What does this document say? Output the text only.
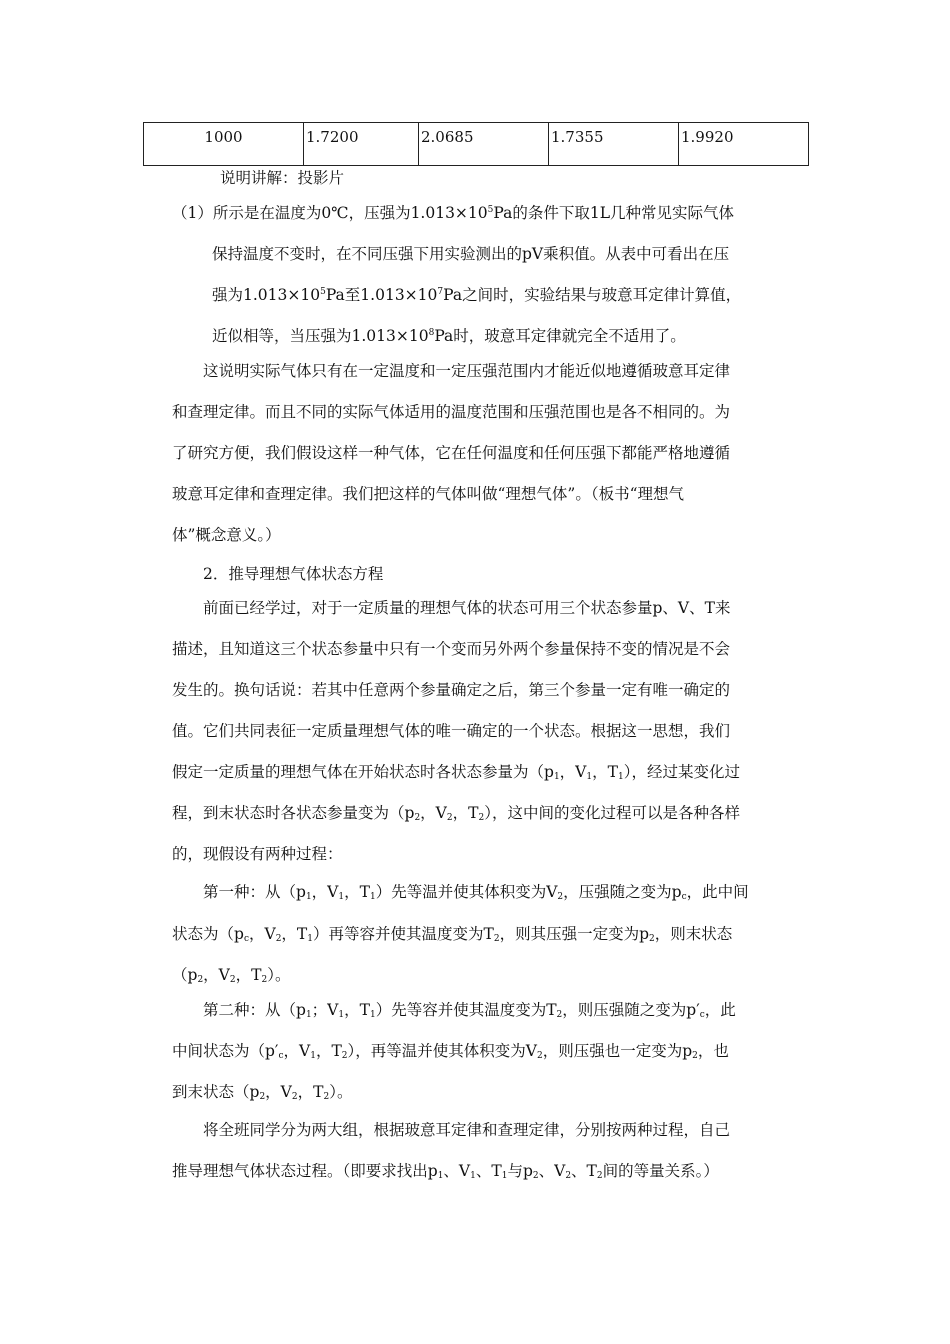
1000	1.7200	2.0685	1.7355	1.9920
说明讲解：投影片
（1）所示是在温度为0℃，压强为$1.013\times 10^5Pa$的条件下取1L几种常见实际气体
保持温度不变时，在不同压强下用实验测出的pV乘积值。从表中可看出在压
强为$1.013\times 10^5Pa$至$1.013\times 10^7Pa$之间时，实验结果与玻意耳定律计算值，
近似相等，当压强为$1.013\times 10^8Pa$时，玻意耳定律就完全不适用了。
这说明实际气体只有在一定温度和一定压强范围内才能近似地遵循玻意耳定律
和查理定律。而且不同的实际气体适用的温度范围和压强范围也是各不相同的。为
了研究方便，我们假设这样一种气体，它在任何温度和任何压强下都能严格地遵循
玻意耳定律和查理定律。我们把这样的气体叫做“理想气体”。（板书“理想气
体”概念意义。）
2．推导理想气体状态方程
前面已经学过，对于一定质量的理想气体的状态可用三个状态参量p、V、T来
描述，且知道这三个状态参量中只有一个变而另外两个参量保持不变的情况是不会
发生的。换句话说：若其中任意两个参量确定之后，第三个参量一定有唯一确定的
值。它们共同表征一定质量理想气体的唯一确定的一个状态。根据这一思想，我们
假定一定质量的理想气体在开始状态时各状态参量为（$p_1$，$V_1$，$T_1$），经过某变化过
程，到末状态时各状态参量变为（$p_2$，$V_2$，$T_2$），这中间的变化过程可以是各种各样
的，现假设有两种过程：
第一种：从（$p_1$，$V_1$，$T_1$）先等温并使其体积变为$V_2$，压强随之变为$p_c$，此中间
状态为（$p_c$，$V_2$，$T_1$）再等容并使其温度变为$T_2$，则其压强一定变为$p_2$，则末状态
（$p_2$，$V_2$，$T_2$）。
第二种：从（$p_1$；$V_1$，$T_1$）先等容并使其温度变为$T_2$，则压强随之变为$p'_c$，此
中间状态为（$p'_c$，$V_1$，$T_2$），再等温并使其体积变为$V_2$，则压强也一定变为$p_2$，也
到末状态（$p_2$，$V_2$，$T_2$）。
将全班同学分为两大组，根据玻意耳定律和查理定律，分别按两种过程，自己
推导理想气体状态过程。（即要求找出$p_1$、$V_1$、$T_1$与$p_2$、$V_2$、$T_2$间的等量关系。）
